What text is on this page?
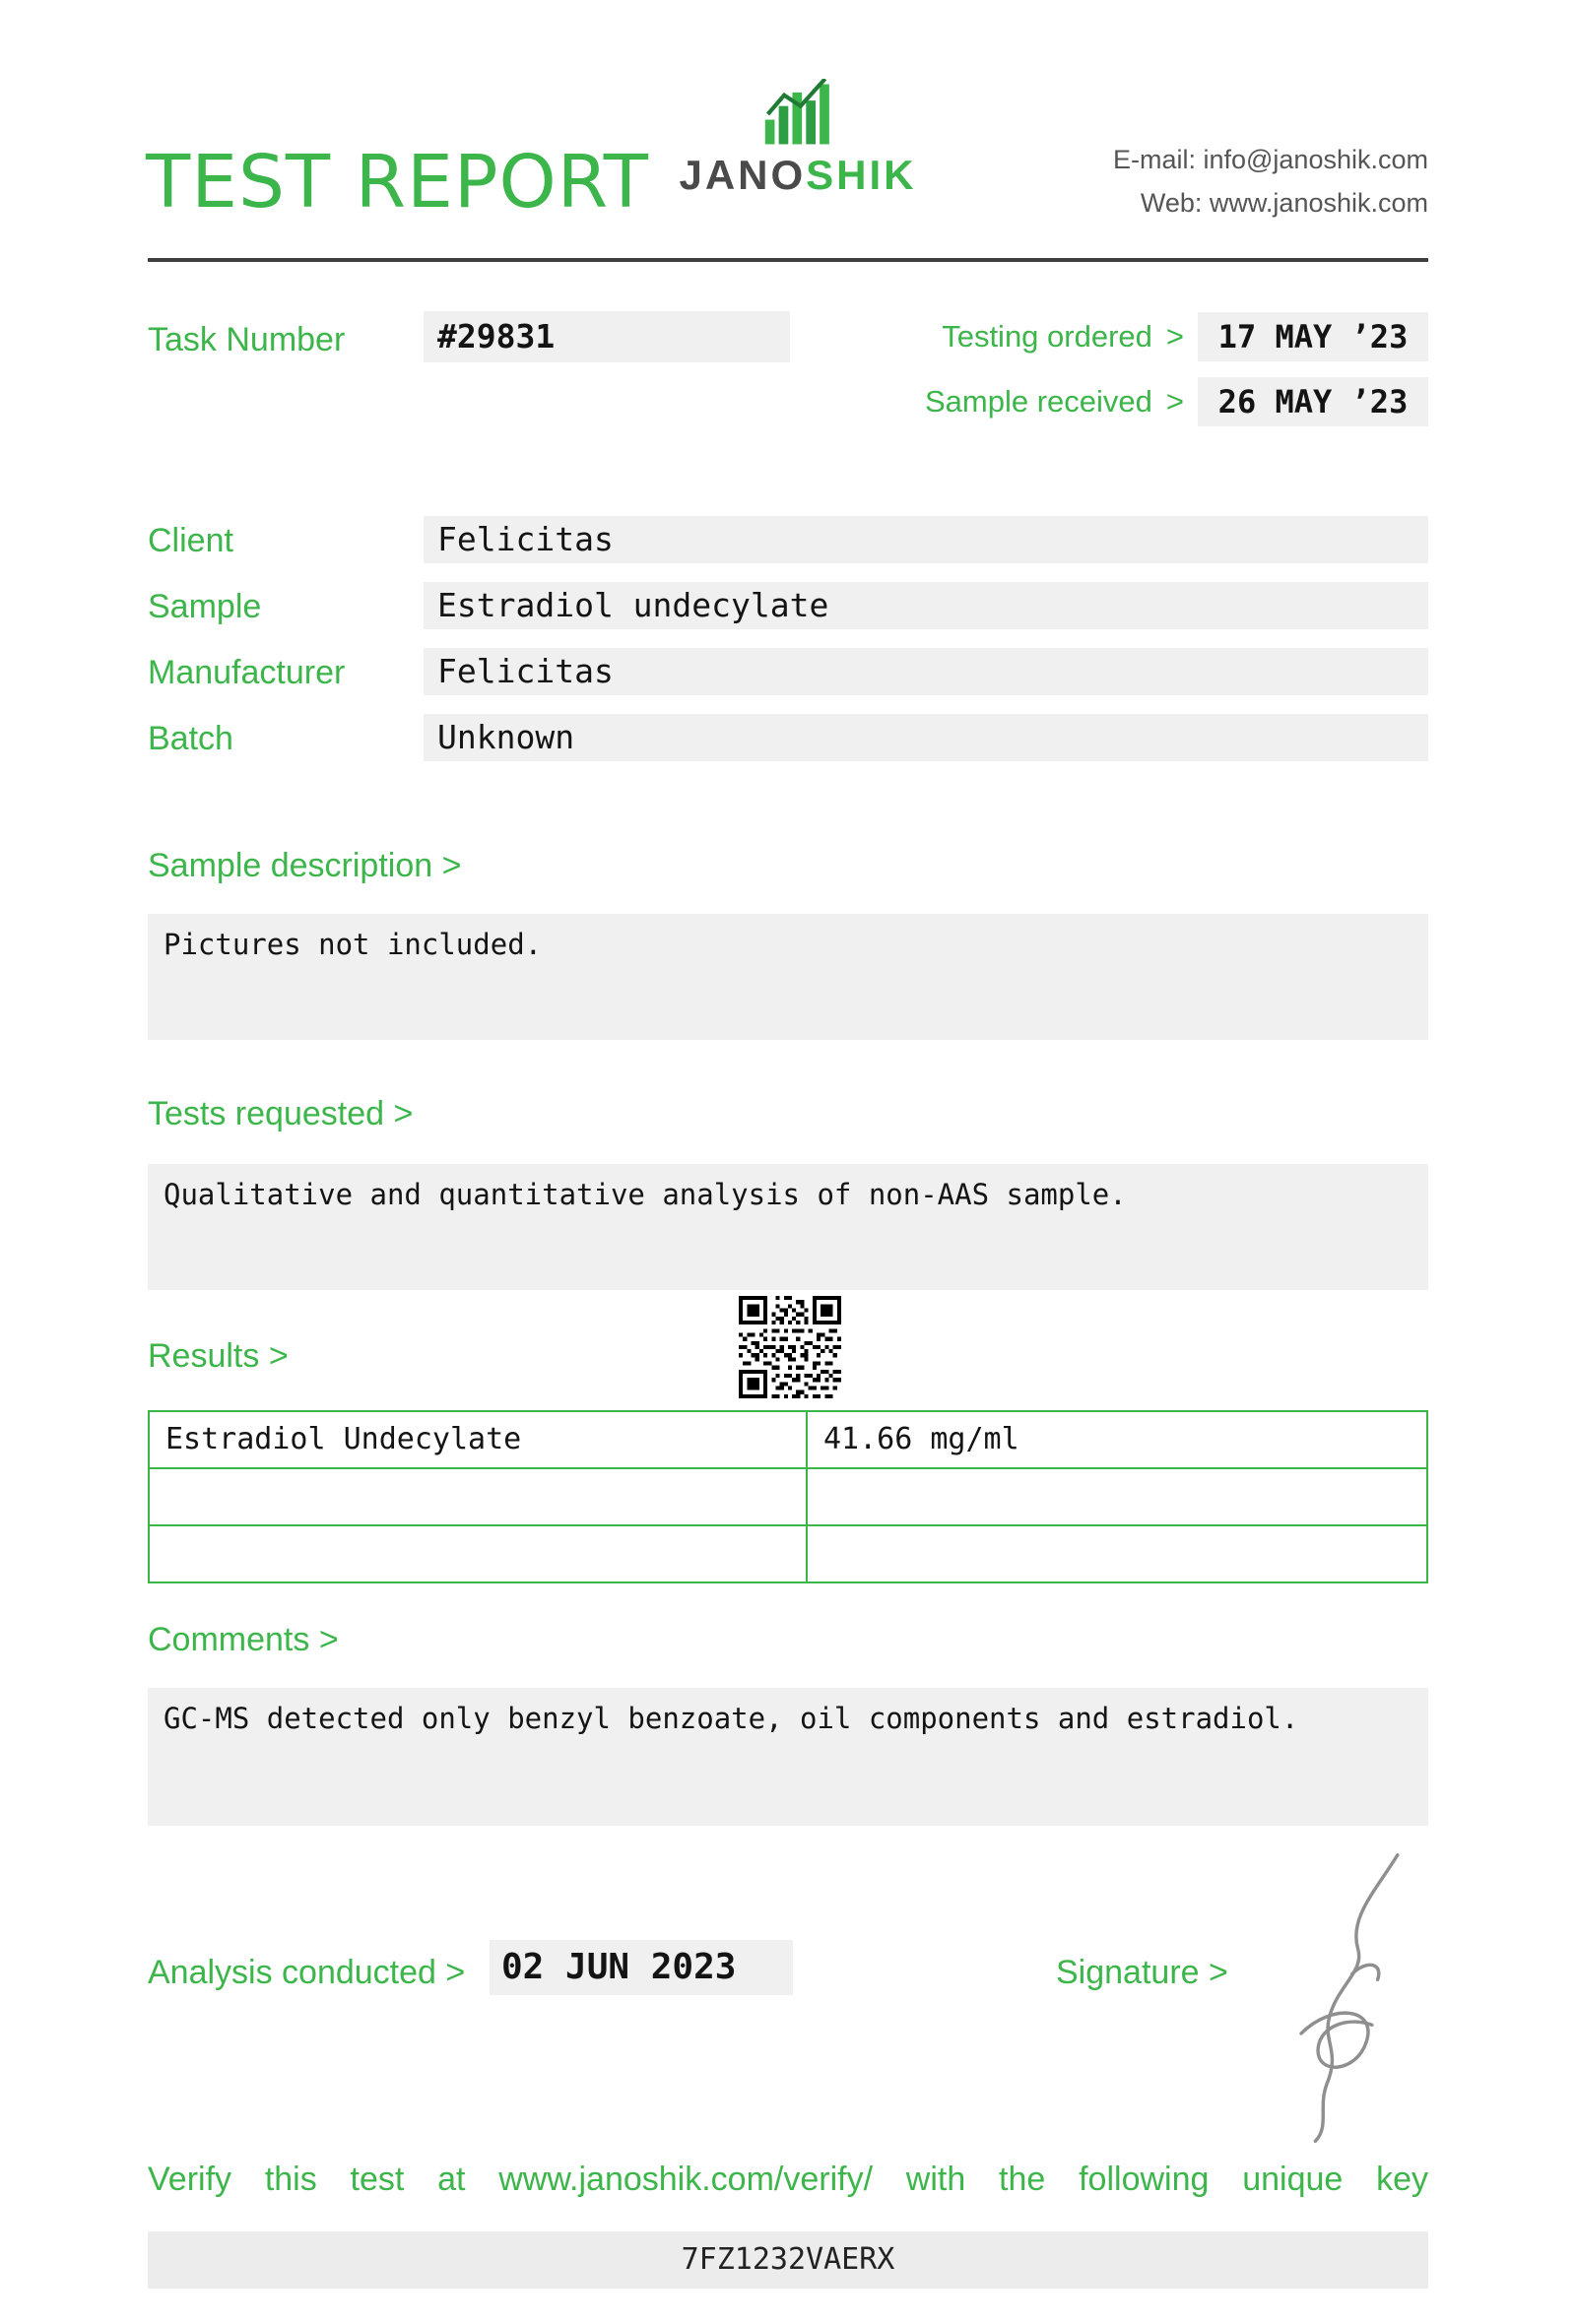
TEST REPORT JANOSHIK	E-mail: info@janoshik.com
Web: www.janoshik.com
Task Number	#29831	Testing ordered >	17 MAY ’23
Sample received >	26 MAY ’23
Client	Felicitas
Sample	Estradiol undecylate
Manufacturer	Felicitas
Batch	Unknown
Sample description >
Pictures not included.
Tests requested >
Qualitative and quantitative analysis of non-AAS sample.
Results >
Estradiol Undecylate	41.66 mg/ml
Comments >
GC-MS detected only benzyl benzoate, oil components and estradiol.
Analysis conducted >	02 JUN 2023	Signature >
Verify this test at www.janoshik.com/verify/ with the following unique key
7FZ1232VAERX
